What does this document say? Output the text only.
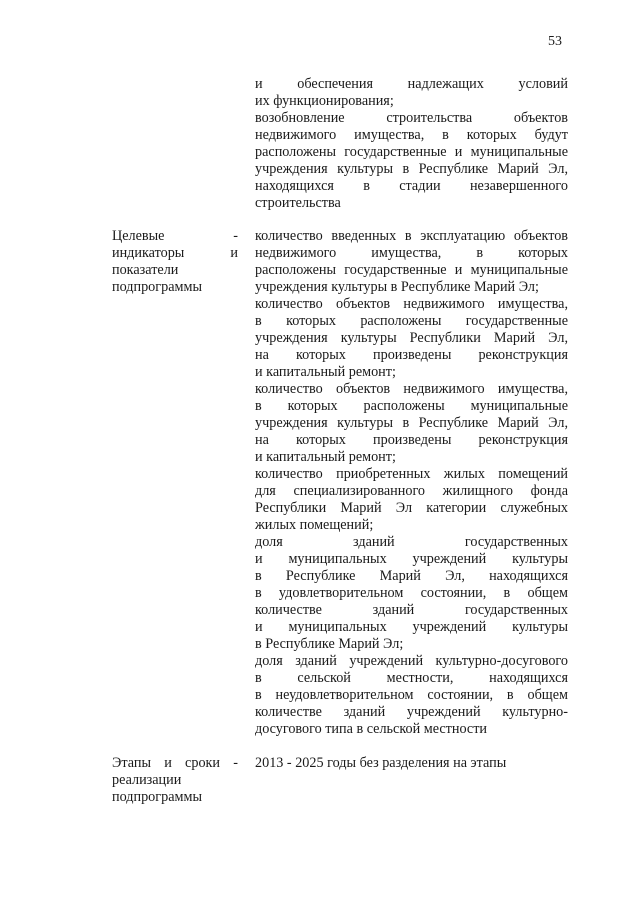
53
и обеспечения надлежащих условий
их функционирования;
возобновление строительства объектов
недвижимого имущества, в которых будут
расположены государственные и муниципальные
учреждения культуры в Республике Марий Эл,
находящихся в стадии незавершенного
строительства
Целевые -
индикаторы и
показатели
подпрограммы
количество введенных в эксплуатацию объектов
недвижимого имущества, в которых
расположены государственные и муниципальные
учреждения культуры в Республике Марий Эл;
количество объектов недвижимого имущества,
в которых расположены государственные
учреждения культуры Республики Марий Эл,
на которых произведены реконструкция
и капитальный ремонт;
количество объектов недвижимого имущества,
в которых расположены муниципальные
учреждения культуры в Республике Марий Эл,
на которых произведены реконструкция
и капитальный ремонт;
количество приобретенных жилых помещений
для специализированного жилищного фонда
Республики Марий Эл категории служебных
жилых помещений;
доля зданий государственных
и муниципальных учреждений культуры
в Республике Марий Эл, находящихся
в удовлетворительном состоянии, в общем
количестве зданий государственных
и муниципальных учреждений культуры
в Республике Марий Эл;
доля зданий учреждений культурно-досугового
в сельской местности, находящихся
в неудовлетворительном состоянии, в общем
количестве зданий учреждений культурно-
досугового типа в сельской местности
Этапы и сроки -
реализации
подпрограммы
2013 - 2025 годы без разделения на этапы
